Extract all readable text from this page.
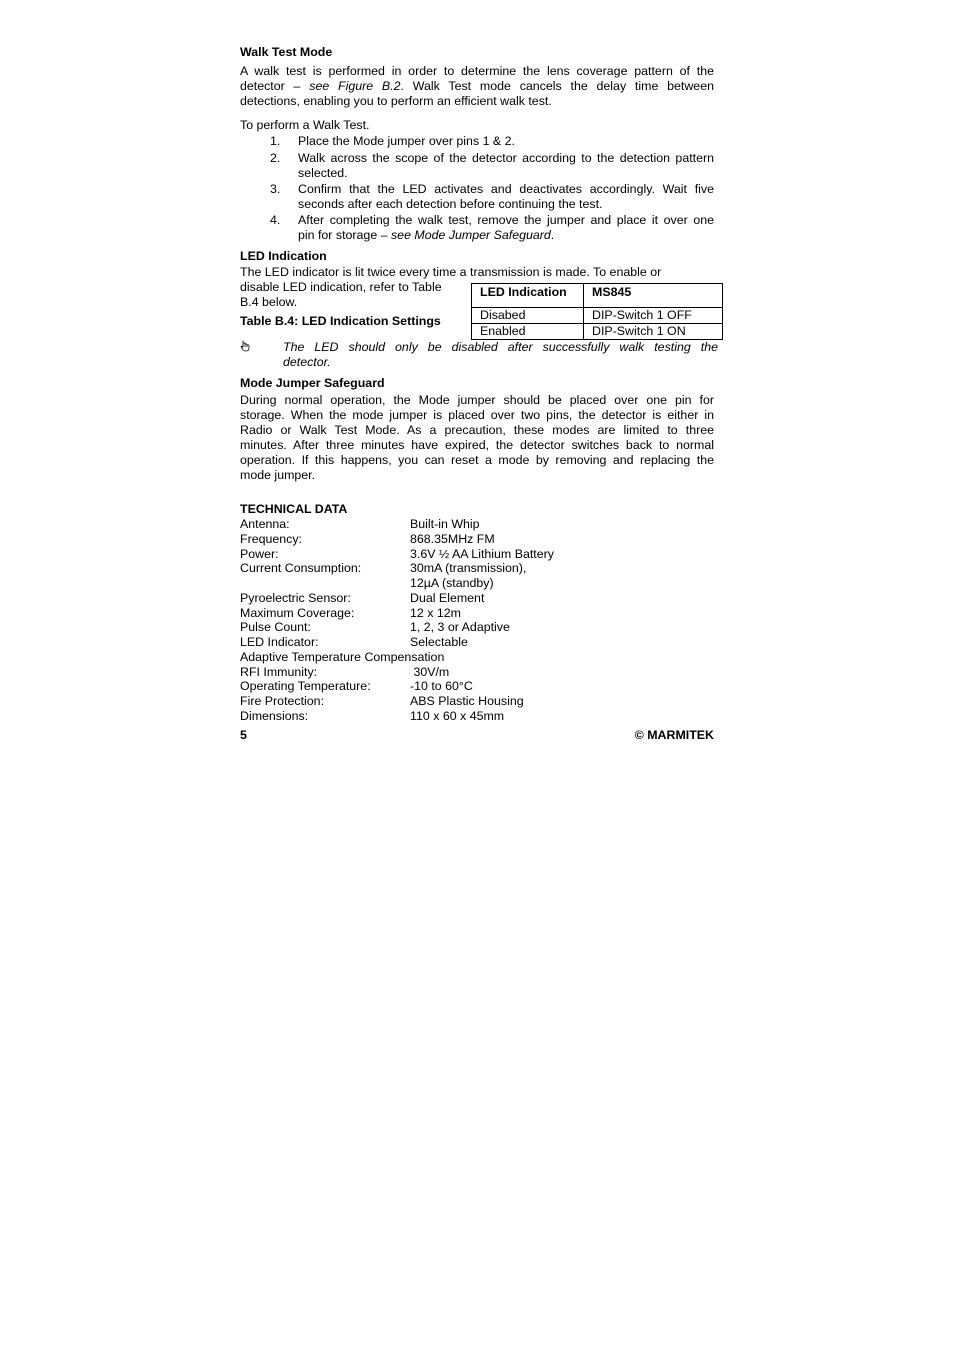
Walk Test Mode

A walk test is performed in order to determine the lens coverage pattern of the

detector – see Figure B.2. Walk Test mode cancels the delay time between

detections, enabling you to perform an efficient walk test.

To perform a Walk Test.

1. Place the Mode jumper over pins 1 & 2.
2. Walk across the scope of the detector according to the detection pattern
selected.
3. Confirm that the LED activates and deactivates accordingly. Wait five
seconds after each detection before continuing the test.
4. After completing the walk test, remove the jumper and place it over one
pin for storage – see Mode Jumper Safeguard.
LED Indication

The LED indicator is lit twice every time a transmission is made. To enable or

disable LED indication, refer to Table

B.4 below.

Table B.4: LED Indication Settings
LED Indication	MS845
Disabed	DIP-Switch 1 OFF
Enabled	DIP-Switch 1 ON

The LED should only be disabled after successfully walk testing the

detector.

Mode Jumper Safeguard

During normal operation, the Mode jumper should be placed over one pin for

storage. When the mode jumper is placed over two pins, the detector is either in

Radio or Walk Test Mode. As a precaution, these modes are limited to three

minutes. After three minutes have expired, the detector switches back to normal

operation. If this happens, you can reset a mode by removing and replacing the

mode jumper.

TECHNICAL DATA
Antenna:	Built-in Whip
Frequency:	868.35MHz FM
Power:	3.6V ½ AA Lithium Battery
Current Consumption:	30mA (transmission),
12µA (standby)
Pyroelectric Sensor:	Dual Element
Maximum Coverage:	12 x 12m
Pulse Count:	1, 2, 3 or Adaptive
LED Indicator:	Selectable
Adaptive Temperature Compensation
RFI Immunity:	30V/m
Operating Temperature:	-10 to 60°C
Fire Protection:	ABS Plastic Housing
Dimensions:	110 x 60 x 45mm
5	© MARMITEK
